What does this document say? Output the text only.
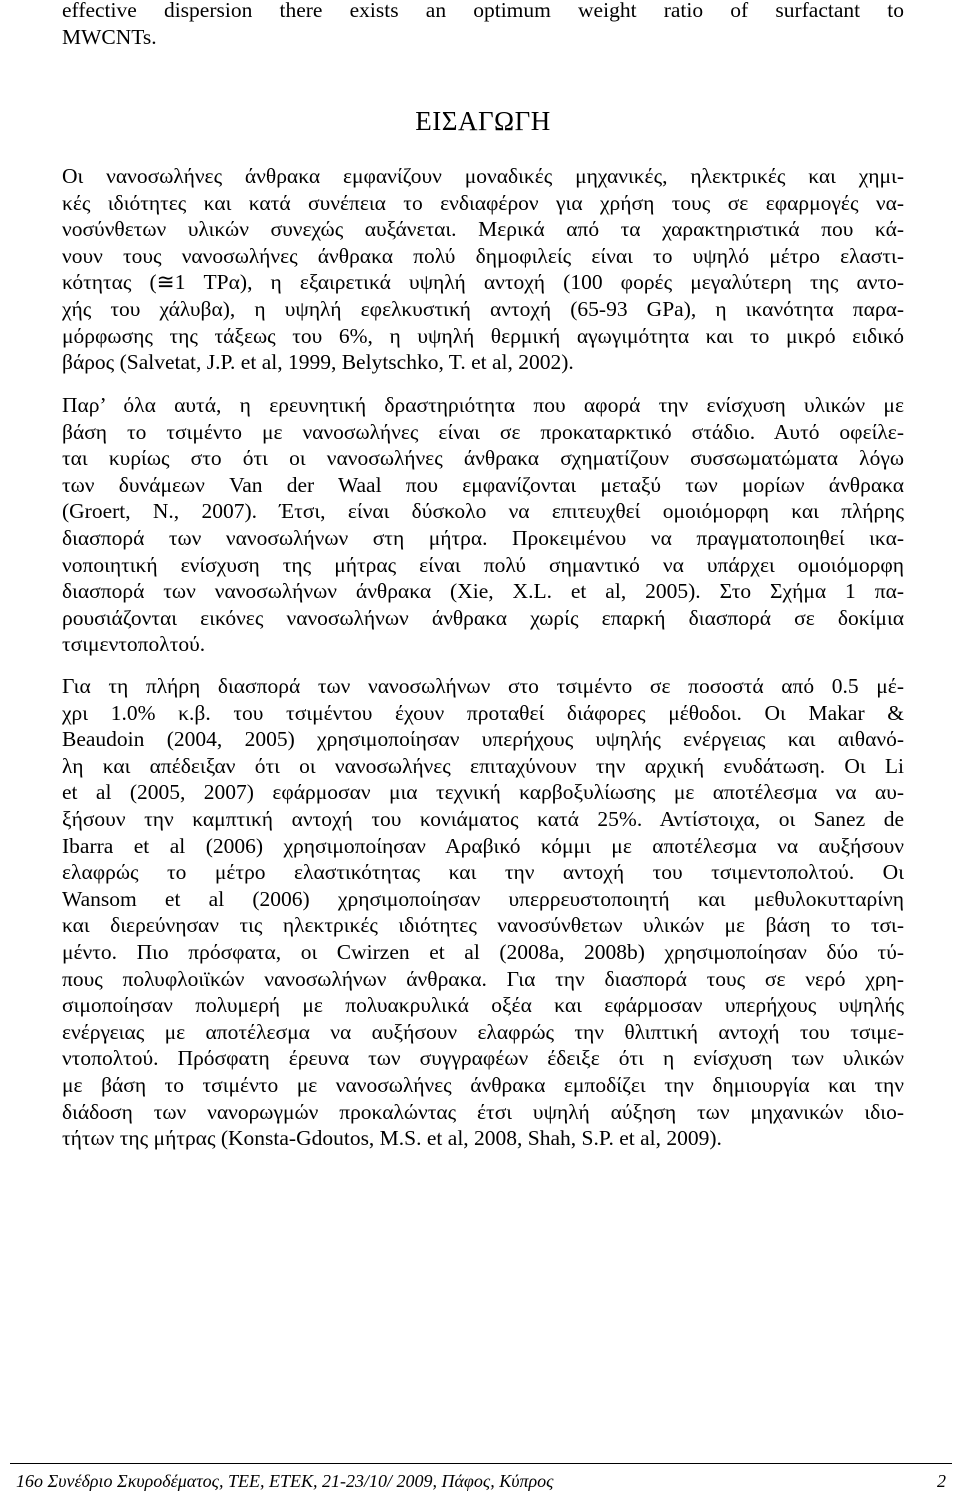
effective dispersion there exists an optimum weight ratio of surfactant to
MWCNTs.
ΕΙΣΑΓΩΓΗ
Οι νανοσωλήνες άνθρακα εμφανίζουν μοναδικές μηχανικές, ηλεκτρικές και χημι-
κές ιδιότητες και κατά συνέπεια το ενδιαφέρον για χρήση τους σε εφαρμογές να-
νοσύνθετων υλικών συνεχώς αυξάνεται. Μερικά από τα χαρακτηριστικά που κά-
νουν τους νανοσωλήνες άνθρακα πολύ δημοφιλείς είναι το υψηλό μέτρο ελαστι-
κότητας (≅1 TPα), η εξαιρετικά υψηλή αντοχή (100 φορές μεγαλύτερη της αντο-
χής του χάλυβα), η υψηλή εφελκυστική αντοχή (65-93 GPa), η ικανότητα παρα-
μόρφωσης της τάξεως του 6%, η υψηλή θερμική αγωγιμότητα και το μικρό ειδικό
βάρος (Salvetat, J.P. et al, 1999, Belytschko, T. et al, 2002).
Παρ’ όλα αυτά, η ερευνητική δραστηριότητα που αφορά την ενίσχυση υλικών με
βάση το τσιμέντο με νανοσωλήνες είναι σε προκαταρκτικό στάδιο. Αυτό οφείλε-
ται κυρίως στο ότι οι νανοσωλήνες άνθρακα σχηματίζουν συσσωματώματα λόγω
των δυνάμεων Van der Waal που εμφανίζονται μεταξύ των μορίων άνθρακα
(Groert, N., 2007). Έτσι, είναι δύσκολο να επιτευχθεί ομοιόμορφη και πλήρης
διασπορά των νανοσωλήνων στη μήτρα. Προκειμένου να πραγματοποιηθεί ικα-
νοποιητική ενίσχυση της μήτρας είναι πολύ σημαντικό να υπάρχει ομοιόμορφη
διασπορά των νανοσωλήνων άνθρακα (Xie, X.L. et al, 2005). Στο Σχήμα 1 πα-
ρουσιάζονται εικόνες νανοσωλήνων άνθρακα χωρίς επαρκή διασπορά σε δοκίμια
τσιμεντοπολτού.
Για τη πλήρη διασπορά των νανοσωλήνων στο τσιμέντο σε ποσοστά από 0.5 μέ-
χρι 1.0% κ.β. του τσιμέντου έχουν προταθεί διάφορες μέθοδοι. Οι Makar &
Beaudoin (2004, 2005) χρησιμοποίησαν υπερήχους υψηλής ενέργειας και αιθανό-
λη και απέδειξαν ότι οι νανοσωλήνες επιταχύνουν την αρχική ενυδάτωση. Οι Li
et al (2005, 2007) εφάρμοσαν μια τεχνική καρβοξυλίωσης με αποτέλεσμα να αυ-
ξήσουν την καμπτική αντοχή του κονιάματος κατά 25%. Αντίστοιχα, οι Sanez de
Ibarra et al (2006) χρησιμοποίησαν Αραβικό κόμμι με αποτέλεσμα να αυξήσουν
ελαφρώς το μέτρο ελαστικότητας και την αντοχή του τσιμεντοπολτού. Οι
Wansom et al (2006) χρησιμοποίησαν υπερρευστοποιητή και μεθυλοκυτταρίνη
και διερεύνησαν τις ηλεκτρικές ιδιότητες νανοσύνθετων υλικών με βάση το τσι-
μέντο. Πιο πρόσφατα, οι Cwirzen et al (2008a, 2008b) χρησιμοποίησαν δύο τύ-
πους πολυφλοιϊκών νανοσωλήνων άνθρακα. Για την διασπορά τους σε νερό χρη-
σιμοποίησαν πολυμερή με πολυακρυλικά οξέα και εφάρμοσαν υπερήχους υψηλής
ενέργειας με αποτέλεσμα να αυξήσουν ελαφρώς την θλιπτική αντοχή του τσιμε-
ντοπολτού. Πρόσφατη έρευνα των συγγραφέων έδειξε ότι η ενίσχυση των υλικών
με βάση το τσιμέντο με νανοσωλήνες άνθρακα εμποδίζει την δημιουργία και την
διάδοση των νανορωγμών προκαλώντας έτσι υψηλή αύξηση των μηχανικών ιδιο-
τήτων της μήτρας (Konsta-Gdoutos, M.S. et al, 2008, Shah, S.P. et al, 2009).
16ο Συνέδριο Σκυροδέματος, ΤΕΕ, ΕΤΕΚ, 21-23/10/ 2009, Πάφος, Κύπρος	2
